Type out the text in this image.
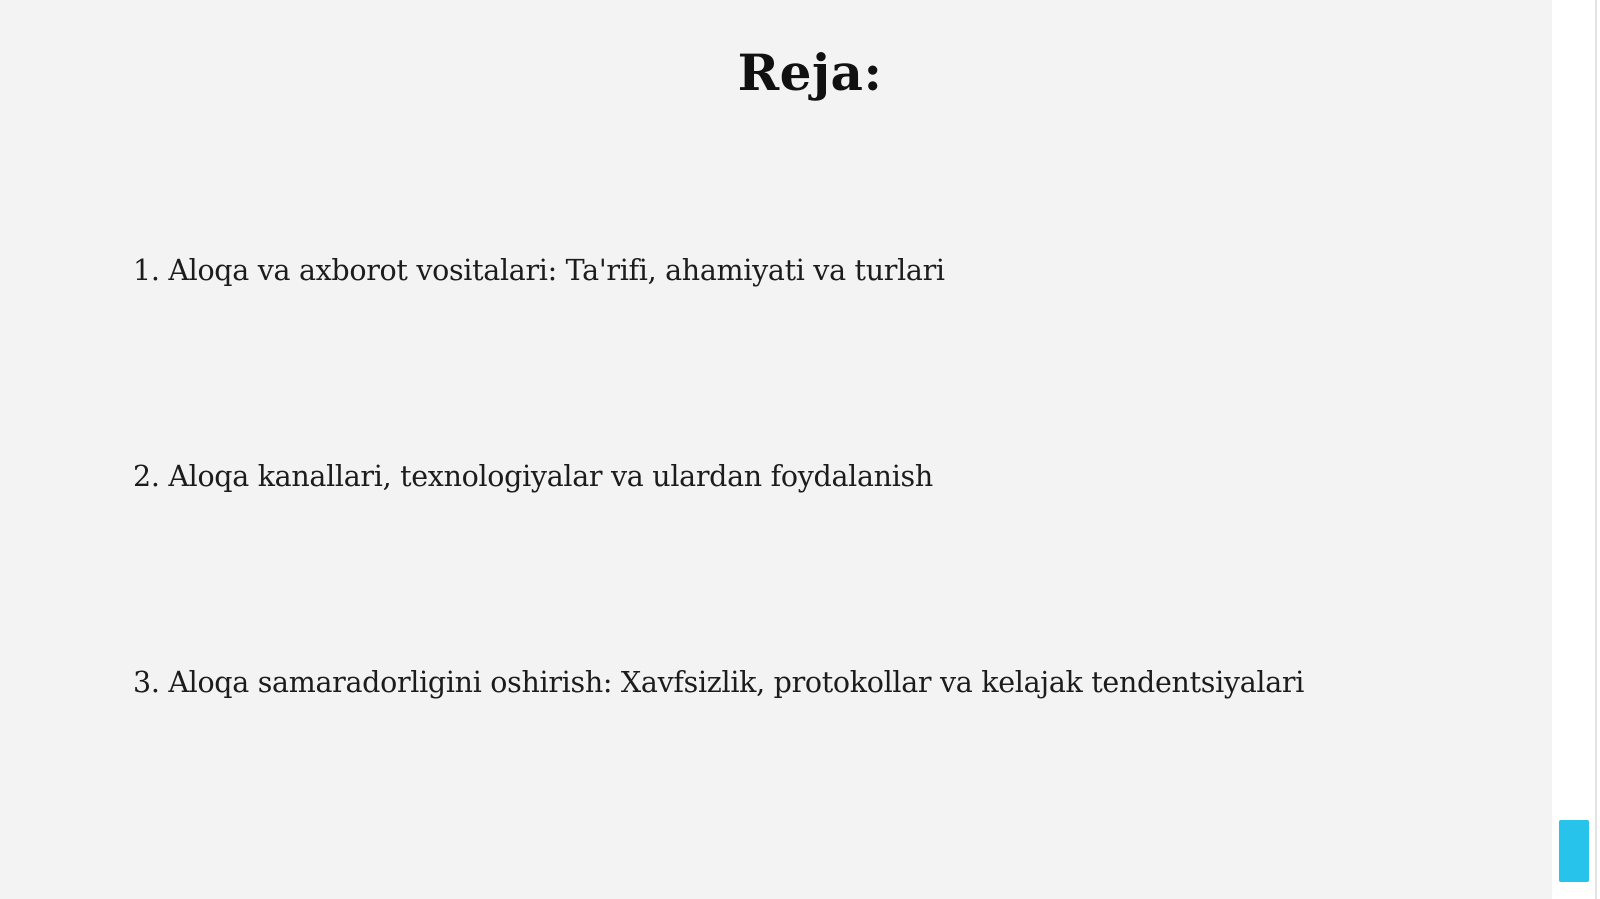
Reja:

1. Aloqa va axborot vositalari: Ta'rifi, ahamiyati va turlari

2. Aloqa kanallari, texnologiyalar va ulardan foydalanish

3. Aloqa samaradorligini oshirish: Xavfsizlik, protokollar va kelajak tendentsiyalari
